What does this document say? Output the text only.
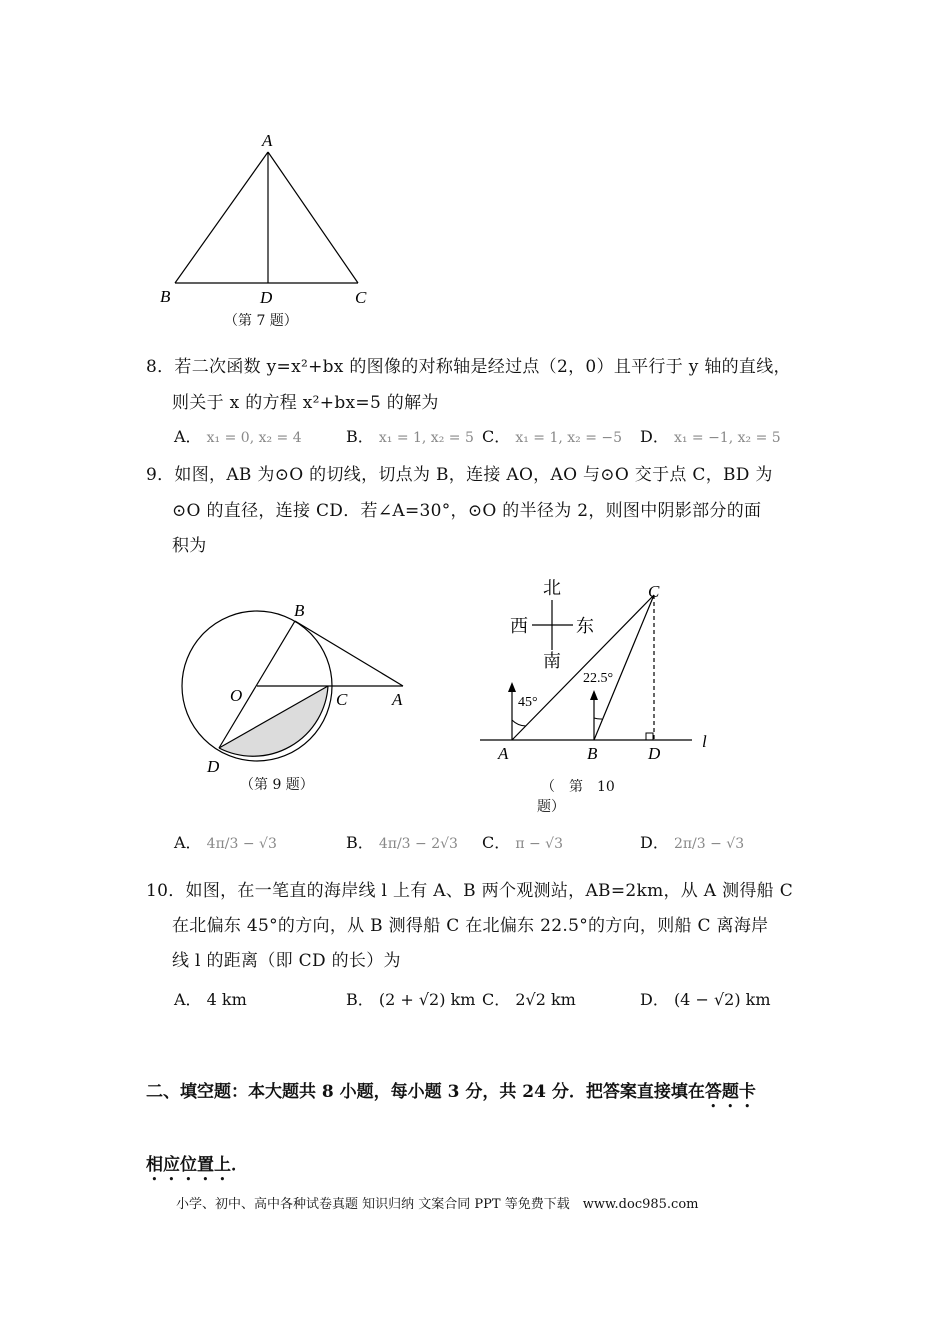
A
B	D	C
（第 7 题）
8．若二次函数 y=x²+bx 的图像的对称轴是经过点（2，0）且平行于 y 轴的直线，
则关于 x 的方程 x²+bx=5 的解为
A． x₁ = 0, x₂ = 4	B． x₁ = 1, x₂ = 5 C． x₁ = 1, x₂ = −5 D． x₁ = −1, x₂ = 5
9．如图，AB 为⊙O 的切线，切点为 B，连接 AO，AO 与⊙O 交于点 C，BD 为
⊙O 的直径，连接 CD．若∠A=30°，⊙O 的半径为 2，则图中阴影部分的面
积为
B
O	C	A
D
（第 9 题）
北
南
西	东
45°
22.5°
C
A	B	D
l
（　第　10
题）
A． 4π/3 − √3	B． 4π/3 − 2√3 C． π − √3	D． 2π/3 − √3
10．如图，在一笔直的海岸线 l 上有 A、B 两个观测站，AB=2km，从 A 测得船 C
在北偏东 45°的方向，从 B 测得船 C 在北偏东 22.5°的方向，则船 C 离海岸
线 l 的距离（即 CD 的长）为
A． 4 km	B． (2 + √2) km C． 2√2 km	D． (4 − √2) km
二、填空题：本大题共 8 小题，每小题 3 分，共 24 分．把答案直接填在答题卡
相应位置上．
小学、初中、高中各种试卷真题 知识归纳 文案合同 PPT 等免费下载　www.doc985.com
